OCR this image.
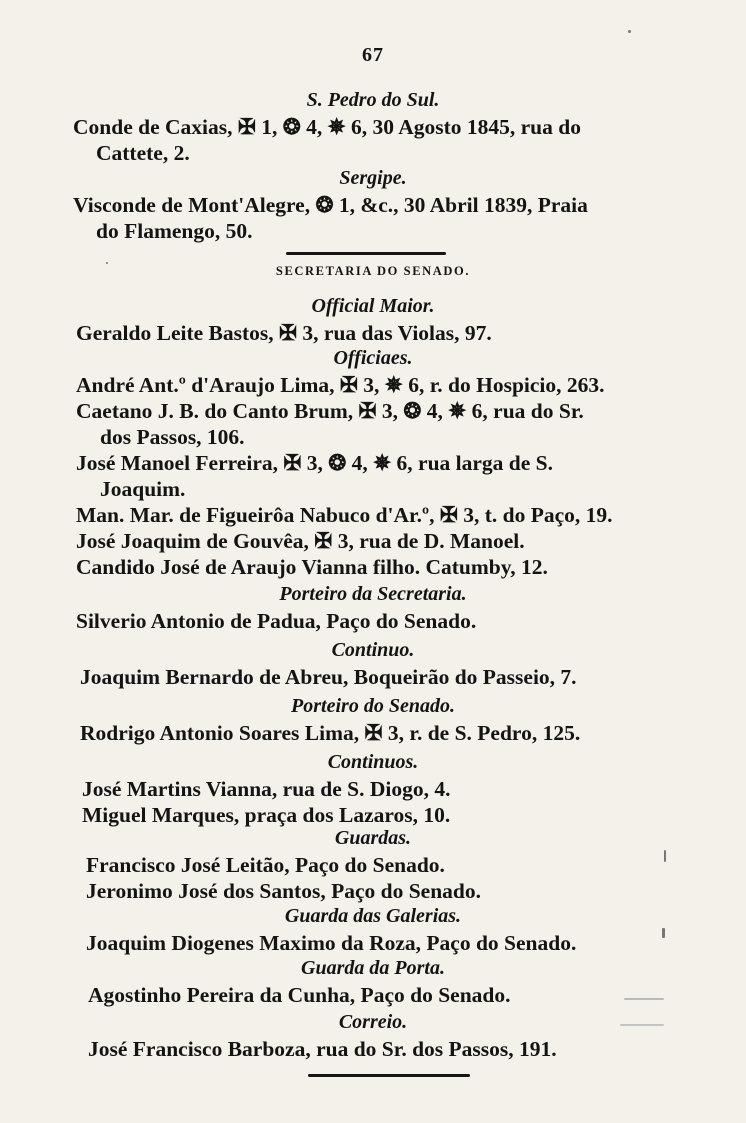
67
S. Pedro do Sul.
Conde de Caxias, ✠ 1, ❂ 4, ✵ 6, 30 Agosto 1845, rua do
Cattete, 2.
Sergipe.
Visconde de Mont'Alegre, ❂ 1, &c., 30 Abril 1839, Praia
do Flamengo, 50.
SECRETARIA DO SENADO.
Official Maior.
Geraldo Leite Bastos, ✠ 3, rua das Violas, 97.
Officiaes.
André Ant.º d'Araujo Lima, ✠ 3, ✵ 6, r. do Hospicio, 263.
Caetano J. B. do Canto Brum, ✠ 3, ❂ 4, ✵ 6, rua do Sr.
dos Passos, 106.
José Manoel Ferreira, ✠ 3, ❂ 4, ✵ 6, rua larga de S.
Joaquim.
Man. Mar. de Figueirôa Nabuco d'Ar.º, ✠ 3, t. do Paço, 19.
José Joaquim de Gouvêa, ✠ 3, rua de D. Manoel.
Candido José de Araujo Vianna filho. Catumby, 12.
Porteiro da Secretaria.
Silverio Antonio de Padua, Paço do Senado.
Continuo.
Joaquim Bernardo de Abreu, Boqueirão do Passeio, 7.
Porteiro do Senado.
Rodrigo Antonio Soares Lima, ✠ 3, r. de S. Pedro, 125.
Continuos.
José Martins Vianna, rua de S. Diogo, 4.
Miguel Marques, praça dos Lazaros, 10.
Guardas.
Francisco José Leitão, Paço do Senado.
Jeronimo José dos Santos, Paço do Senado.
Guarda das Galerias.
Joaquim Diogenes Maximo da Roza, Paço do Senado.
Guarda da Porta.
Agostinho Pereira da Cunha, Paço do Senado.
Correio.
José Francisco Barboza, rua do Sr. dos Passos, 191.
